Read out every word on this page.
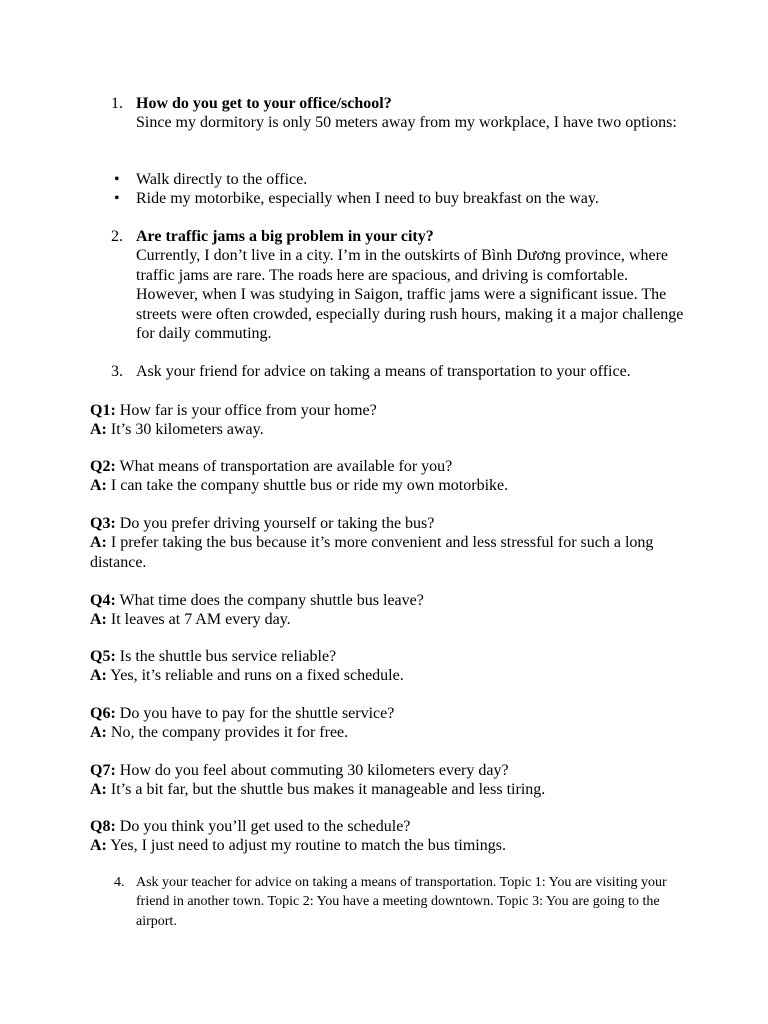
1. How do you get to your office/school?
Since my dormitory is only 50 meters away from my workplace, I have two options:
• Walk directly to the office.
• Ride my motorbike, especially when I need to buy breakfast on the way.
2. Are traffic jams a big problem in your city?
Currently, I don’t live in a city. I’m in the outskirts of Bình Dương province, where traffic jams are rare. The roads here are spacious, and driving is comfortable.
However, when I was studying in Saigon, traffic jams were a significant issue. The streets were often crowded, especially during rush hours, making it a major challenge for daily commuting.
3. Ask your friend for advice on taking a means of transportation to your office.
Q1: How far is your office from your home?
A: It’s 30 kilometers away.
Q2: What means of transportation are available for you?
A: I can take the company shuttle bus or ride my own motorbike.
Q3: Do you prefer driving yourself or taking the bus?
A: I prefer taking the bus because it’s more convenient and less stressful for such a long distance.
Q4: What time does the company shuttle bus leave?
A: It leaves at 7 AM every day.
Q5: Is the shuttle bus service reliable?
A: Yes, it’s reliable and runs on a fixed schedule.
Q6: Do you have to pay for the shuttle service?
A: No, the company provides it for free.
Q7: How do you feel about commuting 30 kilometers every day?
A: It’s a bit far, but the shuttle bus makes it manageable and less tiring.
Q8: Do you think you’ll get used to the schedule?
A: Yes, I just need to adjust my routine to match the bus timings.
4. Ask your teacher for advice on taking a means of transportation. Topic 1: You are visiting your friend in another town. Topic 2: You have a meeting downtown. Topic 3: You are going to the airport.
